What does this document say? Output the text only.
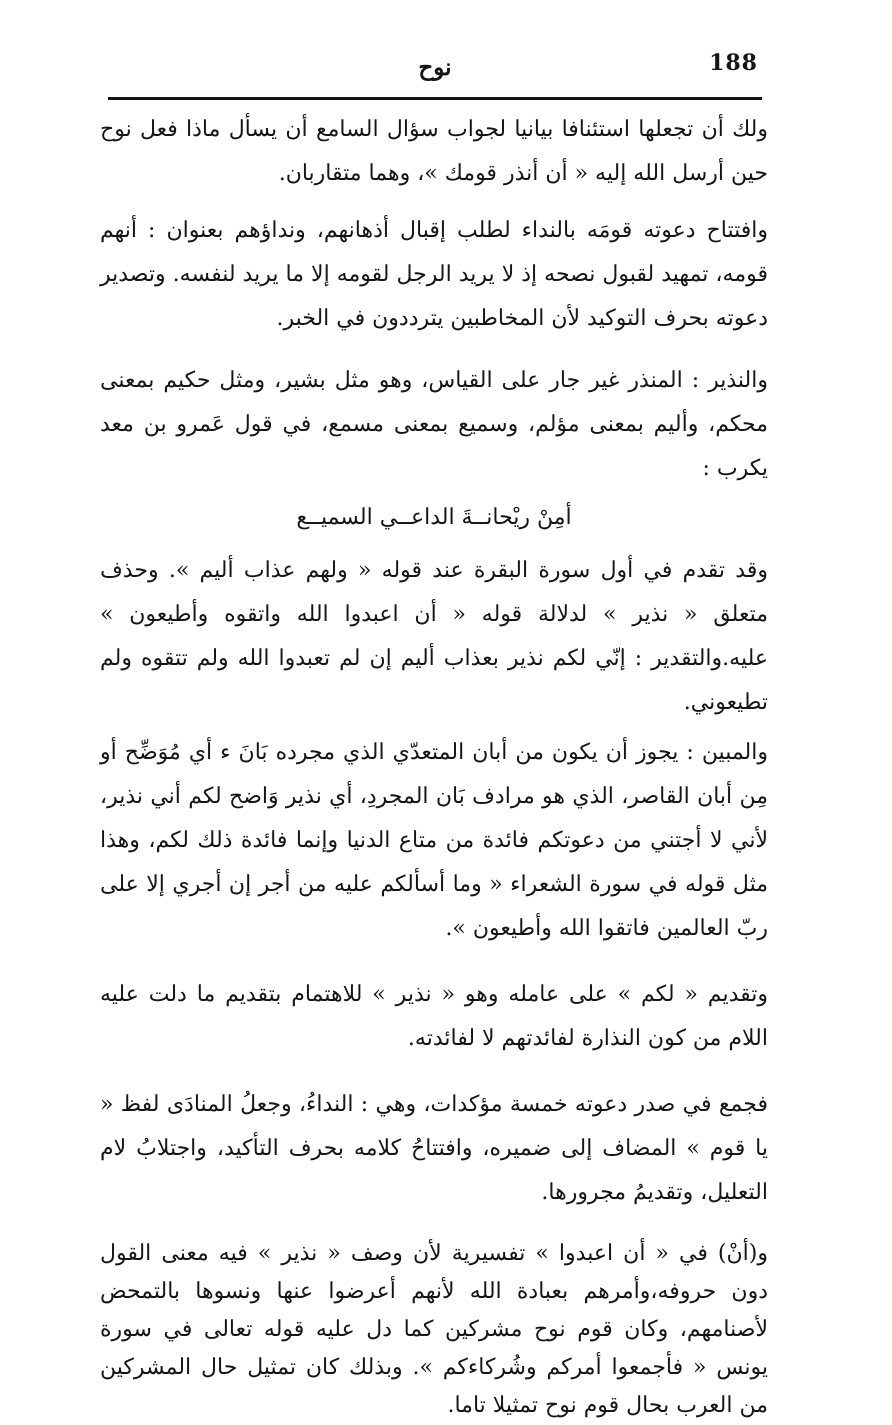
188
نوح

ولك أن تجعلها استئنافا بيانيا لجواب سؤال السامع أن يسأل ماذا فعل نوح حين أرسل الله إليه « أن أنذر قومك »، وهما متقاربان.

وافتتاح دعوته قومَه بالنداء لطلب إقبال أذهانهم، ونداؤهم بعنوان : أنهم قومه، تمهيد لقبول نصحه إذ لا يريد الرجل لقومه إلا ما يريد لنفسه. وتصدير دعوته بحرف التوكيد لأن المخاطبين يترددون في الخبر.

والنذير : المنذر غير جار على القياس، وهو مثل بشير، ومثل حكيم بمعنى محكم، وأليم بمعنى مؤلم، وسميع بمعنى مسمع، في قول عَمرو بن معد يكرب :

أمِنْ ريْحانــةَ الداعــي السميــع

وقد تقدم في أول سورة البقرة عند قوله « ولهم عذاب أليم ». وحذف متعلق « نذير » لدلالة قوله « أن اعبدوا الله واتقوه وأطيعون » عليه.والتقدير : إنّي لكم نذير بعذاب أليم إن لم تعبدوا الله ولم تتقوه ولم تطيعوني.

والمبين : يجوز أن يكون من أبان المتعدّي الذي مجرده بَانَ ء أي مُوَضِّح أو مِن أبان القاصر، الذي هو مرادف بَان المجردِ، أي نذير وَاضح لكم أني نذير، لأني لا أجتني من دعوتكم فائدة من متاع الدنيا وإنما فائدة ذلك لكم، وهذا مثل قوله في سورة الشعراء « وما أسألكم عليه من أجر إن أجري إلا على ربّ العالمين فاتقوا الله وأطيعون ».

وتقديم « لكم » على عامله وهو « نذير » للاهتمام بتقديم ما دلت عليه اللام من كون النذارة لفائدتهم لا لفائدته.

فجمع في صدر دعوته خمسة مؤكدات، وهي : النداءُ، وجعلُ المنادَى لفظ « يا قوم » المضاف إلى ضميره، وافتتاحُ كلامه بحرف التأكيد، واجتلابُ لام التعليل، وتقديمُ مجرورها.

و(أنْ) في « أن اعبدوا » تفسيرية لأن وصف « نذير » فيه معنى القول دون حروفه،وأمرهم بعبادة الله لأنهم أعرضوا عنها ونسوها بالتمحض لأصنامهم، وكان قوم نوح مشركين كما دل عليه قوله تعالى في سورة يونس « فأجمعوا أمركم وشُركاءكم ». وبذلك كان تمثيل حال المشركين من العرب بحال قوم نوح تمثيلا تاما.
